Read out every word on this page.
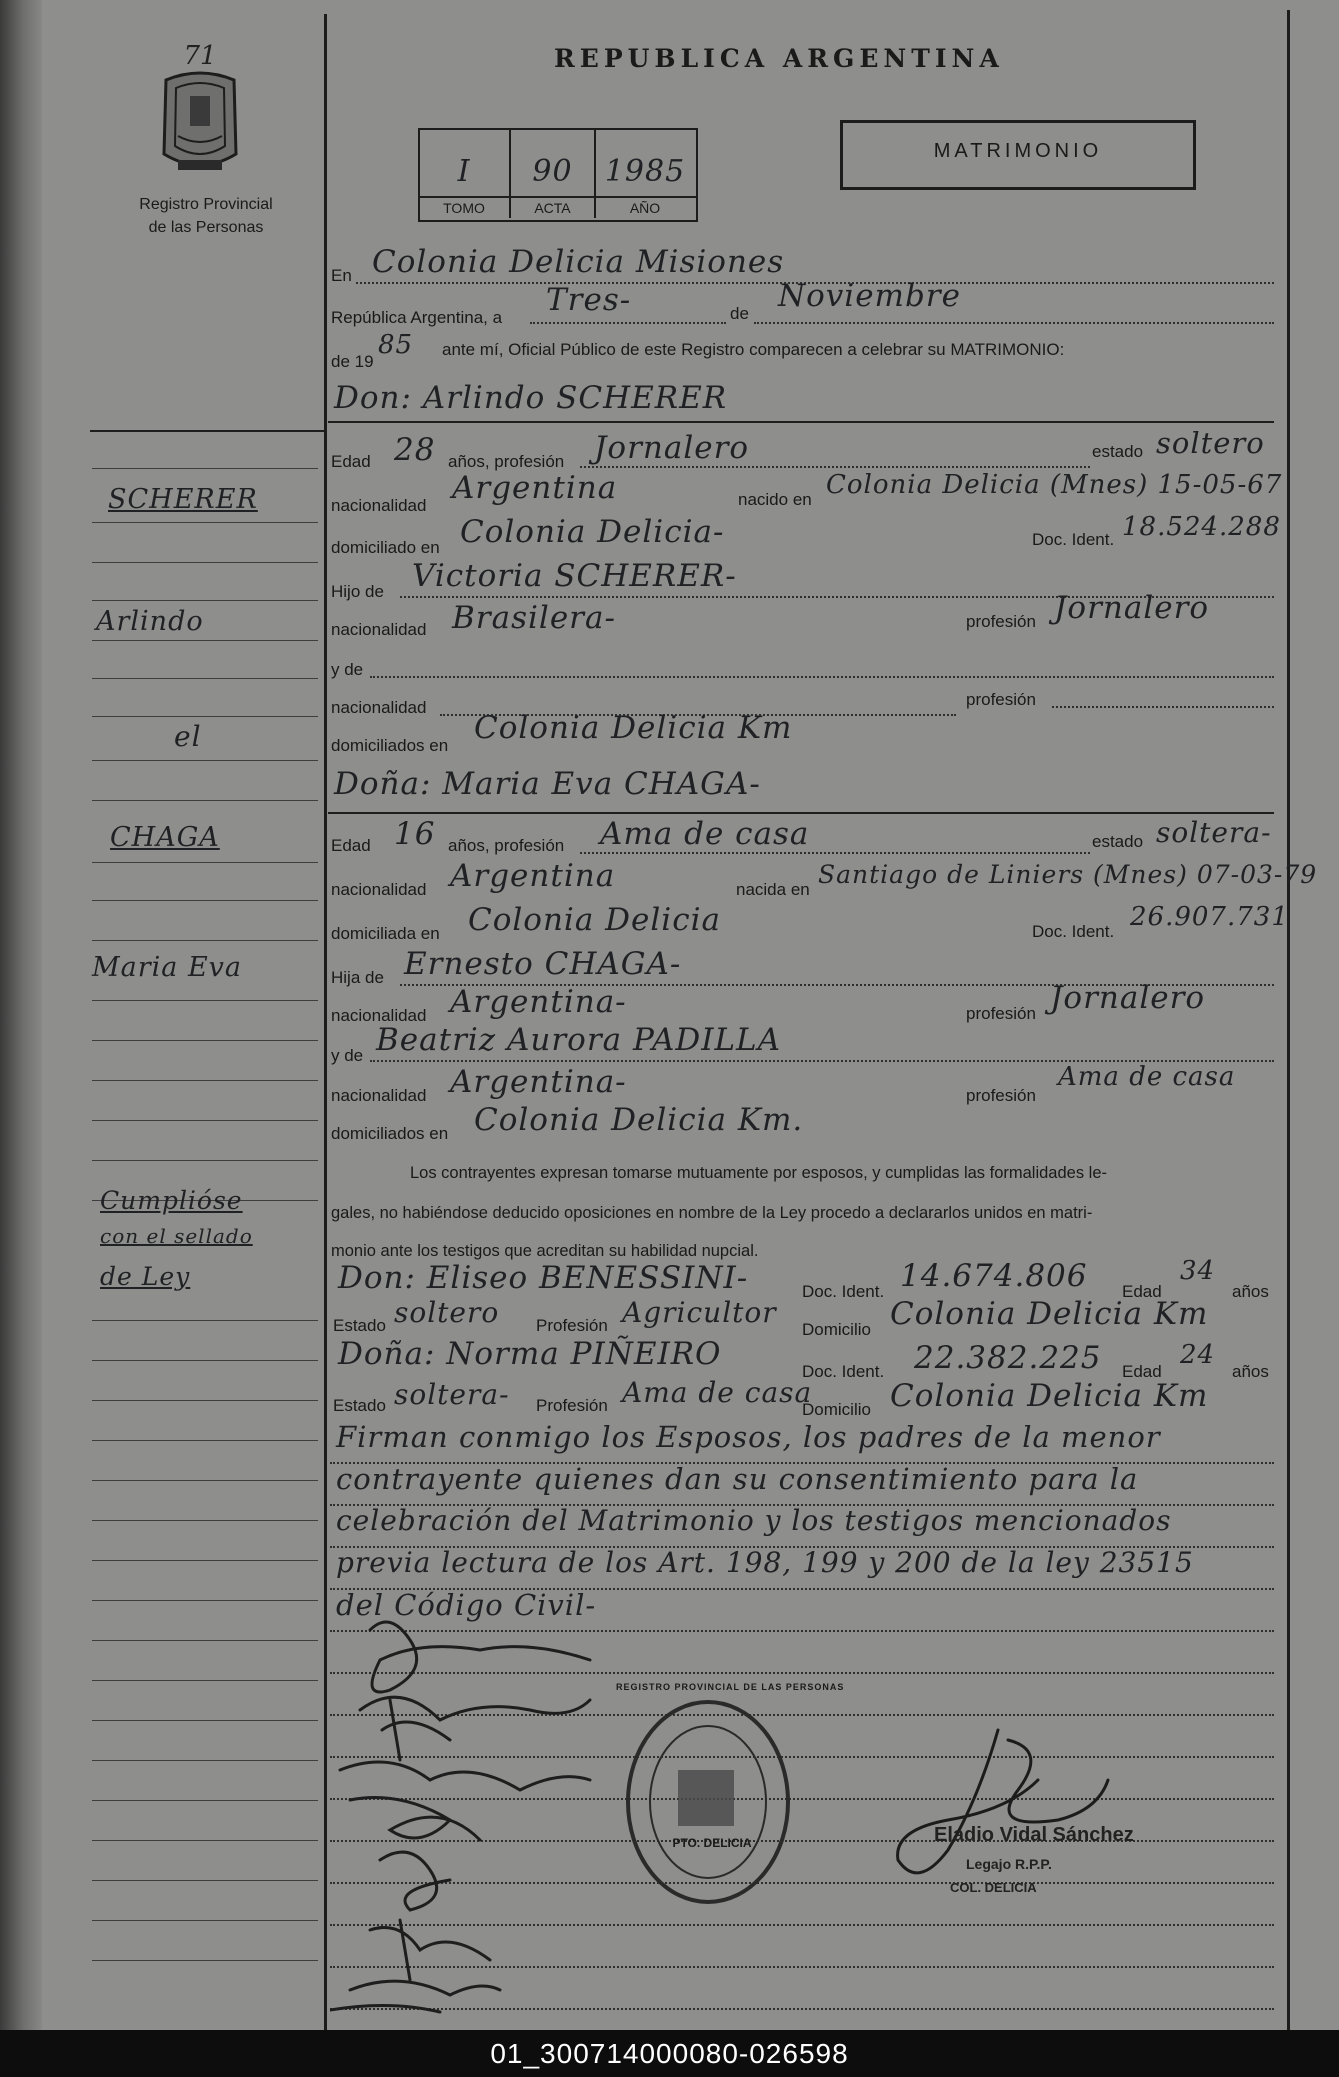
71
Registro Provincial
de las Personas
REPUBLICA ARGENTINA
I	90	1985
TOMO	ACTA	AÑO
MATRIMONIO
SCHERER
Arlindo
el
CHAGA
Maria Eva
Cumplióse
con el sellado
de Ley
En Colonia Delicia Misiones
República Argentina, a Tres-	de Noviembre
de 19
85 ante mí, Oficial Público de este Registro comparecen a celebrar su MATRIMONIO:
Don: Arlindo SCHERER
Edad 28 años, profesión Jornalero	estado soltero
nacionalidad Argentina	nacido en Colonia Delicia (Mnes) 15-05-67
domiciliado en Colonia Delicia-	Doc. Ident. 18.524.288
Hijo de Victoria SCHERER-
nacionalidad Brasilera-	profesión Jornalero
y de
nacionalidad	profesión
domiciliados en Colonia Delicia Km
Doña: Maria Eva CHAGA-
Edad 16 años, profesión Ama de casa	estado soltera-
nacionalidad Argentina	nacida en
Santiago de Liniers (Mnes) 07-03-79
domiciliada en Colonia Delicia	Doc. Ident. 26.907.731
Hija de Ernesto CHAGA-
nacionalidad Argentina-	profesión Jornalero
y de Beatriz Aurora PADILLA
nacionalidad Argentina-	profesión
Ama de casa
domiciliados en Colonia Delicia Km.
Los contrayentes expresan tomarse mutuamente por esposos, y cumplidas las formalidades le-
gales, no habiéndose deducido oposiciones en nombre de la Ley procedo a declararlos unidos en matri-
monio ante los testigos que acreditan su habilidad nupcial.
Don: Eliseo BENESSINI-	Doc. Ident. 14.674.806 Edad
34
años
Estado soltero Profesión Agricultor
Domicilio Colonia Delicia Km
Doña: Norma PIÑEIRO	Doc. Ident. 22.382.225 Edad
24
años
Estado soltera- Profesión Ama de casa
Domicilio Colonia Delicia Km
Firman conmigo los Esposos, los padres de la menor
contrayente quienes dan su consentimiento para la
celebración del Matrimonio y los testigos mencionados
previa lectura de los Art. 198, 199 y 200 de la ley 23515
del Código Civil-
REGISTRO PROVINCIAL DE LAS PERSONAS
PTO. DELICIA	Eladio Vidal Sánchez
Legajo R.P.P.
COL. DELICIA
01_300714000080-026598
